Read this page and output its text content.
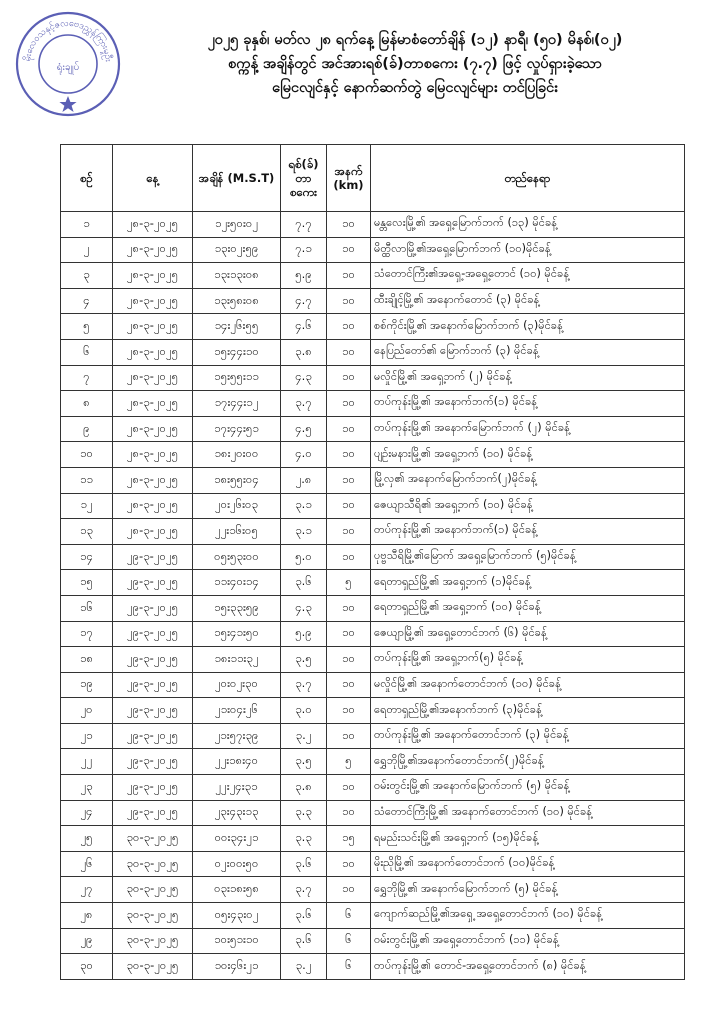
မိုးလေဝသနှင့်ဇလဗေဒညွှန်ကြားမှုဦးစီးဌာန
ရုံးချုပ်
၂၀၂၅ ခုနှစ်၊ မတ်လ ၂၈ ရက်နေ့ မြန်မာစံတော်ချိန် (၁၂) နာရီ၊ (၅၀) မိနစ်၊(၀၂)
စက္ကန့် အချိန်တွင် အင်အားရစ်(ခ်)တာစကေး (၇.၇) ဖြင့် လှုပ်ရှားခဲ့သော
မြေငလျင်နှင့် နောက်ဆက်တွဲ မြေငလျင်များ တင်ပြခြင်း
စဉ်	နေ့	အချိန် (M.S.T)	ရစ်(ခ်) တာ စကေး	အနက် (km)	တည်နေရာ
၁	၂၈-၃-၂၀၂၅	၁၂း၅၀း၀၂	၇.၇	၁၀	မန္တလေးမြို့၏ အရှေ့မြောက်ဘက် (၁၃) မိုင်ခန့်
၂	၂၈-၃-၂၀၂၅	၁၃း၀၂း၅၉	၇.၁	၁၀	မိတ္ထီလာမြို့၏အရှေ့မြောက်ဘက် (၁၀)မိုင်ခန့်
၃	၂၈-၃-၂၀၂၅	၁၃း၁၃း၀၈	၅.၉	၁၀	သံတောင်ကြီး၏အရှေ့-အရှေ့တောင် (၁၀) မိုင်ခန့်
၄	၂၈-၃-၂၀၂၅	၁၃း၅၈း၀၈	၄.၇	၁၀	ထီးချိုင့်မြို့၏ အနောက်တောင် (၃) မိုင်ခန့်
၅	၂၈-၃-၂၀၂၅	၁၄း၂၆း၅၅	၄.၆	၁၀	စစ်ကိုင်းမြို့၏ အနောက်မြောက်ဘက် (၃)မိုင်ခန့်
၆	၂၈-၃-၂၀၂၅	၁၅း၄၄း၁၀	၃.၈	၁၀	နေပြည်တော်၏ မြောက်ဘက် (၃) မိုင်ခန့်
၇	၂၈-၃-၂၀၂၅	၁၅း၅၅း၁၁	၄.၃	၁၀	မလှိုင်မြို့၏ အရှေ့ဘက် (၂) မိုင်ခန့်
၈	၂၈-၃-၂၀၂၅	၁၇း၄၄း၁၂	၃.၇	၁၀	တပ်ကုန်းမြို့၏ အနောက်ဘက်(၁) မိုင်ခန့်
၉	၂၈-၃-၂၀၂၅	၁၇း၄၄း၅၁	၄.၅	၁၀	တပ်ကုန်းမြို့၏ အနောက်မြောက်ဘက် (၂) မိုင်ခန့်
၁၀	၂၈-၃-၂၀၂၅	၁၈း၂၀း၀၀	၄.၀	၁၀	ပျဉ်းမနားမြို့၏ အရှေ့ဘက် (၁၀) မိုင်ခန့်
၁၁	၂၈-၃-၂၀၂၅	၁၈း၅၅း၀၄	၂.၈	၁၀	မြို့လှ၏ အနောက်မြောက်ဘက်(၂)မိုင်ခန့်
၁၂	၂၈-၃-၂၀၂၅	၂၀း၂၆း၀၃	၃.၁	၁၀	ဇေယျာသီရိ၏ အရှေ့ဘက် (၁၀) မိုင်ခန့်
၁၃	၂၈-၃-၂၀၂၅	၂၂း၁၆း၀၅	၃.၁	၁၀	တပ်ကုန်းမြို့၏ အနောက်ဘက်(၁) မိုင်ခန့်
၁၄	၂၉-၃-၂၀၂၅	၀၅း၅၃း၀၀	၅.၀	၁၀	ပုဗ္ဗသီရိမြို့၏မြောက် အရှေ့မြောက်ဘက် (၅)မိုင်ခန့်
၁၅	၂၉-၃-၂၀၂၅	၁၁း၄၀း၁၄	၃.၆	၅	ရေတာရှည်မြို့၏ အရှေ့ဘက် (၁)မိုင်ခန့်
၁၆	၂၉-၃-၂၀၂၅	၁၅း၃၃း၅၉	၄.၃	၁၀	ရေတာရှည်မြို့၏ အရှေ့ဘက် (၁၀) မိုင်ခန့်
၁၇	၂၉-၃-၂၀၂၅	၁၅း၄၁း၅၀	၅.၉	၁၀	ဇေယျာမြို့၏ အရှေ့တောင်ဘက် (၆) မိုင်ခန့်
၁၈	၂၉-၃-၂၀၂၅	၁၈း၁၁း၃၂	၃.၅	၁၀	တပ်ကုန်းမြို့၏ အရှေ့ဘက်(၅) မိုင်ခန့်
၁၉	၂၉-၃-၂၀၂၅	၂၀း၀၂း၃၀	၃.၇	၁၀	မလှိုင်မြို့၏ အနောက်တောင်ဘက် (၁၀) မိုင်ခန့်
၂၀	၂၉-၃-၂၀၂၅	၂၁း၀၄း၂၆	၃.၀	၁၀	ရေတာရှည်မြို့၏အနောက်ဘက် (၃)မိုင်ခန့်
၂၁	၂၉-၃-၂၀၂၅	၂၁း၅၇း၃၉	၃.၂	၁၀	တပ်ကုန်းမြို့၏ အနောက်တောင်ဘက် (၃) မိုင်ခန့်
၂၂	၂၉-၃-၂၀၂၅	၂၂း၁၈း၄၀	၃.၅	၅	ရွှေဘိုမြို့၏အနောက်တောင်ဘက်(၂)မိုင်ခန့်
၂၃	၂၉-၃-၂၀၂၅	၂၂း၂၄း၃၁	၃.၈	၁၀	ဝမ်းတွင်းမြို့၏ အနောက်မြောက်ဘက် (၅) မိုင်ခန့်
၂၄	၂၉-၃-၂၀၂၅	၂၃း၄၃း၁၃	၃.၃	၁၀	သံတောင်ကြီးမြို့၏ အနောက်တောင်ဘက် (၁၀) မိုင်ခန့်
၂၅	၃၀-၃-၂၀၂၅	၀၀း၃၄း၂၁	၃.၃	၁၅	ရမည်းသင်းမြို့၏ အရှေ့ဘက် (၁၅)မိုင်ခန့်
၂၆	၃၀-၃-၂၀၂၅	၀၂း၀၀း၅၀	၃.၆	၁၀	မိုးညိုမြို့၏ အနောက်တောင်ဘက် (၁၀)မိုင်ခန့်
၂၇	၃၀-၃-၂၀၂၅	၀၃း၁၈း၅၈	၃.၇	၁၀	ရွှေဘိုမြို့၏ အနောက်မြောက်ဘက် (၅) မိုင်ခန့်
၂၈	၃၀-၃-၂၀၂၅	၀၅း၄၃း၀၂	၃.၆	၆	ကျောက်ဆည်မြို့၏အရှေ့ အရှေ့တောင်ဘက် (၁၀) မိုင်ခန့်
၂၉	၃၀-၃-၂၀၂၅	၁၀း၅၁း၁၀	၃.၆	၆	ဝမ်းတွင်းမြို့၏ အရှေ့တောင်ဘက် (၁၁) မိုင်ခန့်
၃၀	၃၀-၃-၂၀၂၅	၁၀း၄၆း၂၁	၃.၂	၆	တပ်ကုန်းမြို့၏ တောင်-အရှေ့တောင်ဘက် (၈) မိုင်ခန့်
